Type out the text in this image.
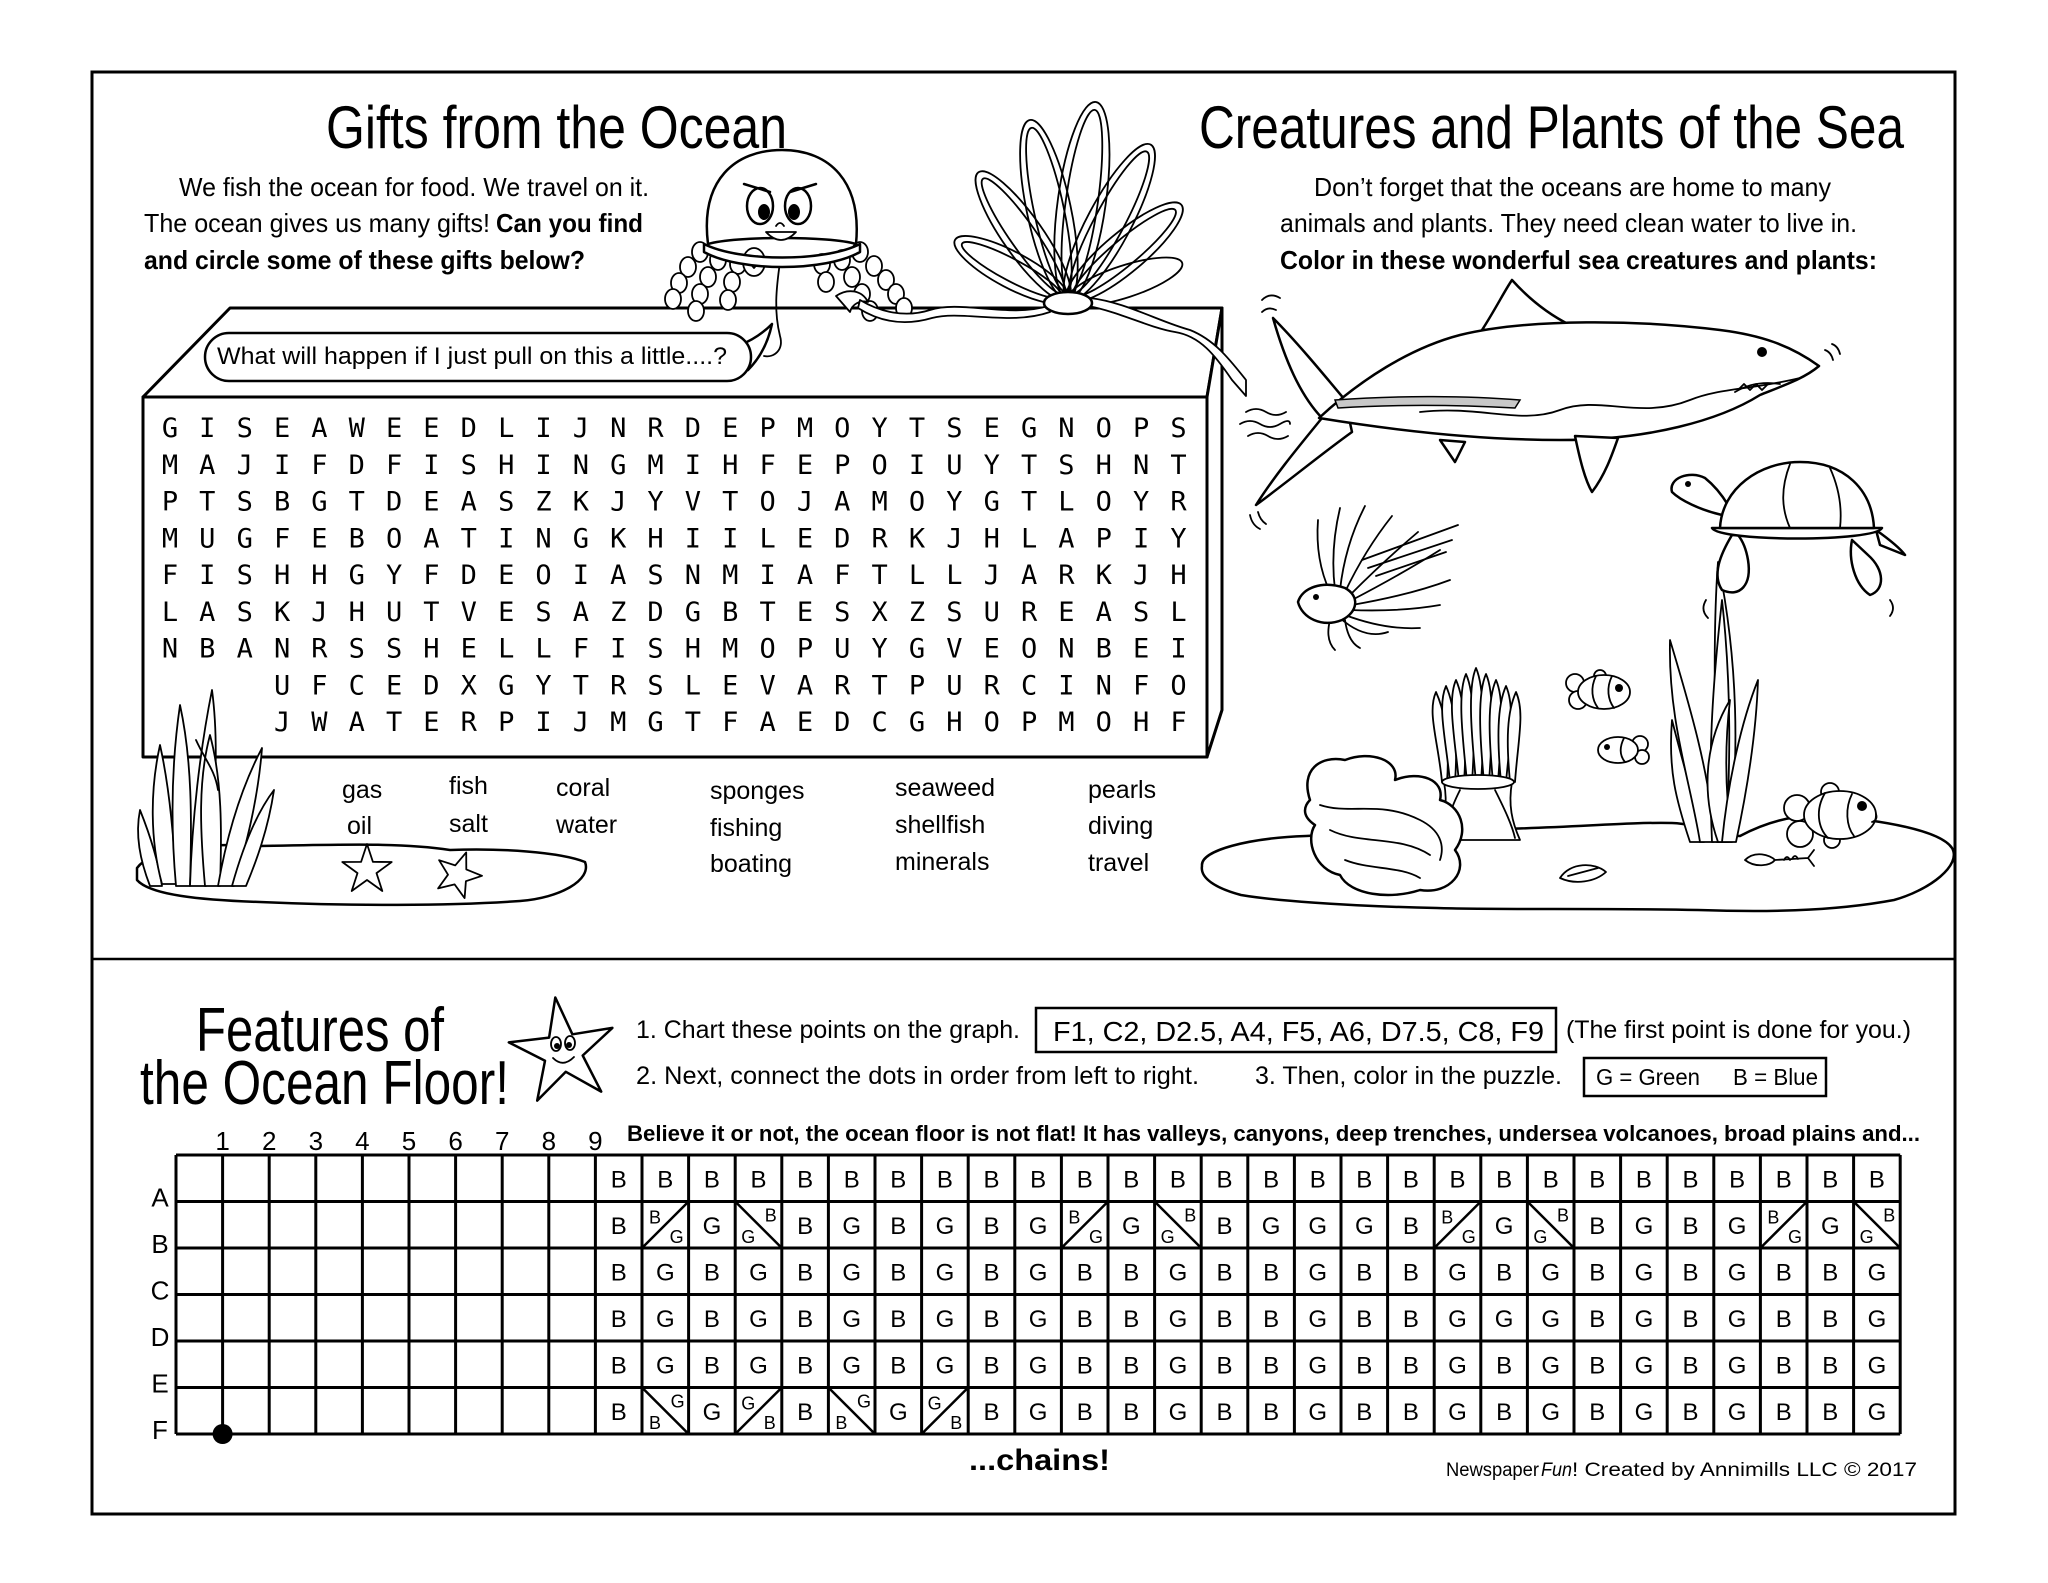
Gifts from the Ocean
We fish the ocean for food. We travel on it.
The ocean gives us many gifts! Can you find
and circle some of these gifts below?
What will happen if I just pull on this a little....?
Creatures and Plants of the Sea
Don’t forget that the oceans are home to many
animals and plants. They need clean water to live in.
Color in these wonderful sea creatures and plants:
G I S E A W E E D L I J N R D E P M O Y T S E G N O P S
M A J I F D F I S H I N G M I H F E P O I U Y T S H N T
P T S B G T D E A S Z K J Y V T O J A M O Y G T L O Y R
M U G F E B O A T I N G K H I I L E D R K J H L A P I Y
F I S H H G Y F D E O I A S N M I A F T L L J A R K J H
L A S K J H U T V E S A Z D G B T E S X Z S U R E A S L
N B A N R S S H E L L F I S H M O P U Y G V E O N B E I
U F C E D X G Y T R S L E V A R T P U R C I N F O
J W A T E R P I J M G T F A E D C G H O P M O H F
gas
oil
fish
salt
coral
water
sponges
fishing
boating
seaweed
shellfish
minerals
pearls
diving
travel
Features of
the Ocean Floor!
1. Chart these points on the graph. F1, C2, D2.5, A4, F5, A6, D7.5, C8, F9 (The first point is done for you.)
2. Next, connect the dots in order from left to right. 3. Then, color in the puzzle. G = Green B = Blue
1 2 3 4 5 6 7 8 9 Believe it or not, the ocean floor is not flat! It has valleys, canyons, deep trenches, undersea volcanoes, broad plains and...
A
B
C
D
E
F
B B B B B B B B B B B B B B B B B B B B B B B B B B B B
B B
G G G
B B G B G B G B
G G G
B B G G G B B
G G G
B B G B G B
G G G
B
B G B G B G B G B G B B G B B G B B G B G B G B G B B G
B G B G B G B G B G B B G B B G B B G G G B G B G B B G
B G B G B G B G B G B B G B B G B B G B G B G B G B B G
B B
G G G
B B B
G G G
B B G B B G B B G B B G B G B G B G B B G
...chains!	Newspaper Fun ! Created by Annimills LLC © 2017
